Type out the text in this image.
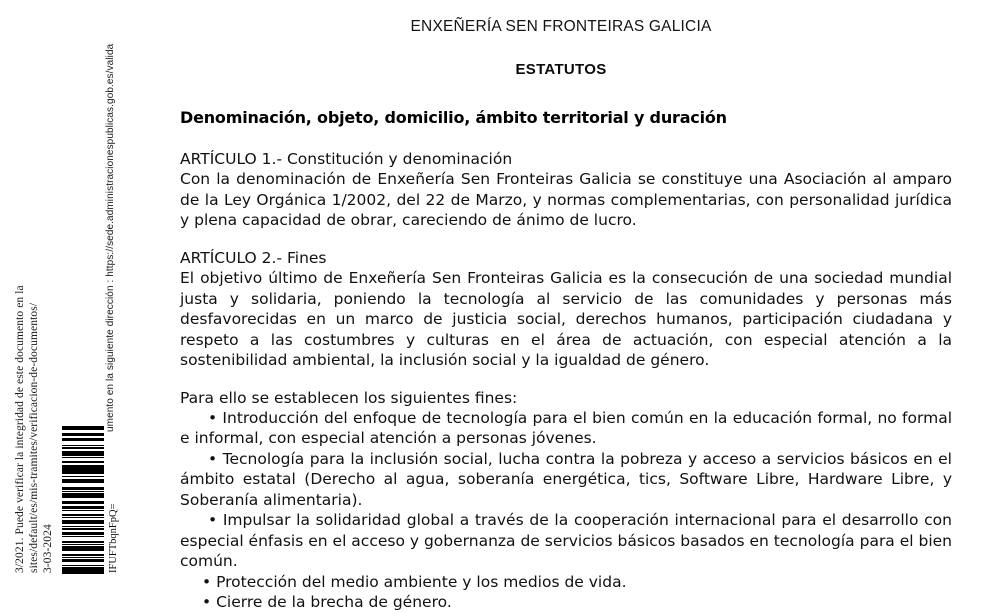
3/2021. Puede verificar la integridad de este documento en la sites/default/es/mis-tramites/verificacion-de-documentos/ 3-03-2024
umento en la siguiente dirección : https://sede.administracionespublicas.gob.es/valida
IFUFTbqnFpQ=
ENXEÑERÍA SEN FRONTEIRAS GALICIA
ESTATUTOS
Denominación, objeto, domicilio, ámbito territorial y duración
ARTÍCULO 1.- Constitución y denominación

Con la denominación de Enxeñería Sen Fronteiras Galicia se constituye una Asociación al amparo de la Ley Orgánica 1/2002, del 22 de Marzo, y normas complementarias, con personalidad jurídica y plena capacidad de obrar, careciendo de ánimo de lucro.

ARTÍCULO 2.- Fines

El objetivo último de Enxeñería Sen Fronteiras Galicia es la consecución de una sociedad mundial justa y solidaria, poniendo la tecnología al servicio de las comunidades y personas más desfavorecidas en un marco de justicia social, derechos humanos, participación ciudadana y respeto a las costumbres y culturas en el área de actuación, con especial atención a la sostenibilidad ambiental, la inclusión social y la igualdad de género.

Para ello se establecen los siguientes fines:

• Introducción del enfoque de tecnología para el bien común en la educación formal, no formal e informal, con especial atención a personas jóvenes.

• Tecnología para la inclusión social, lucha contra la pobreza y acceso a servicios básicos en el ámbito estatal (Derecho al agua, soberanía energética, tics, Software Libre, Hardware Libre, y Soberanía alimentaria).

• Impulsar la solidaridad global a través de la cooperación internacional para el desarrollo con especial énfasis en el acceso y gobernanza de servicios básicos basados en tecnología para el bien común.

• Protección del medio ambiente y los medios de vida.

• Cierre de la brecha de género.
